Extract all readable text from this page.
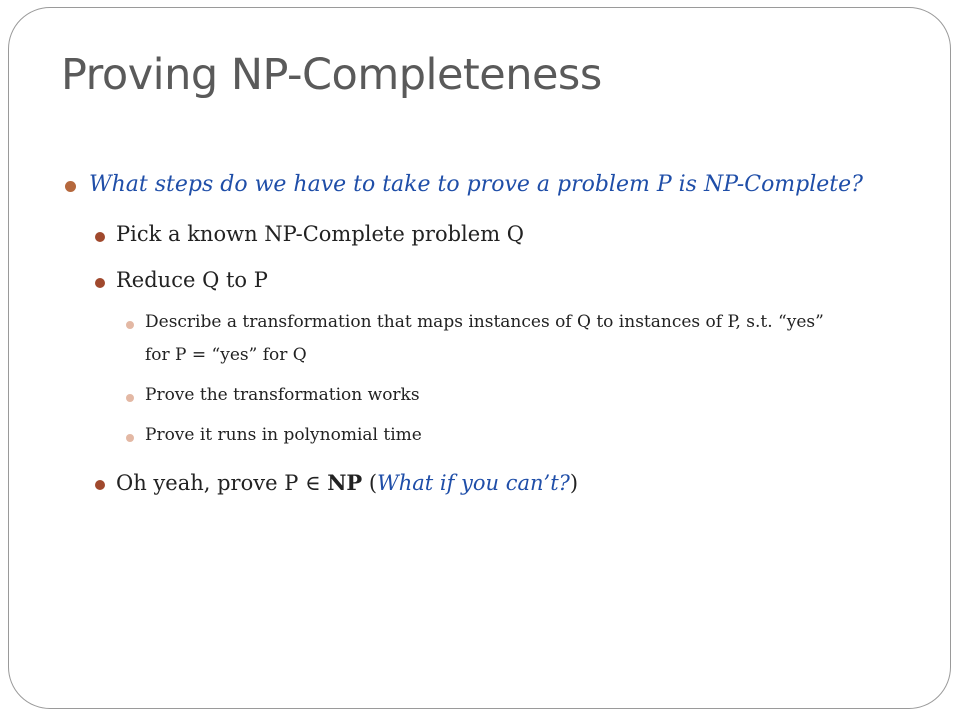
Proving NP-Completeness
What steps do we have to take to prove a problem P is NP-Complete?
Pick a known NP-Complete problem Q
Reduce Q to P
Describe a transformation that maps instances of Q to instances of P, s.t. “yes”
for P = “yes” for Q
Prove the transformation works
Prove it runs in polynomial time
Oh yeah, prove P ∈ NP (What if you can’t?)
